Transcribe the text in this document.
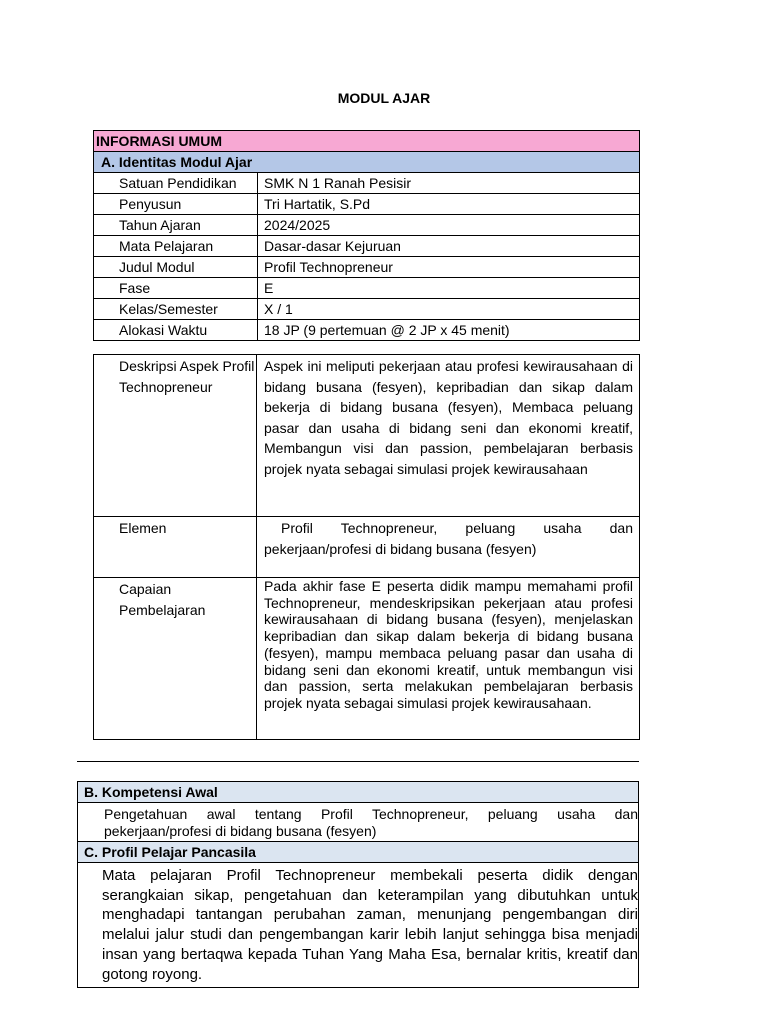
MODUL AJAR
INFORMASI UMUM	
A. Identitas Modul Ajar	
Satuan Pendidikan	SMK N 1 Ranah Pesisir
Penyusun	Tri Hartatik, S.Pd
Tahun Ajaran	2024/2025
Mata Pelajaran	Dasar-dasar Kejuruan
Judul Modul	Profil Technopreneur
Fase	E
Kelas/Semester	X / 1
Alokasi Waktu	18 JP (9 pertemuan @ 2 JP x 45 menit)
Deskripsi Aspek Profil Technopreneur	Aspek ini meliputi pekerjaan atau profesi kewirausahaan di bidang busana (fesyen), kepribadian dan sikap dalam bekerja di bidang busana (fesyen), Membaca peluang pasar dan usaha di bidang seni dan ekonomi kreatif, Membangun visi dan passion, pembelajaran berbasis projek nyata sebagai simulasi projek kewirausahaan
Elemen	Profil Technopreneur, peluang usaha dan pekerjaan/profesi di bidang busana (fesyen)
Capaian Pembelajaran	Pada akhir fase E peserta didik mampu memahami profil Technopreneur, mendeskripsikan pekerjaan atau profesi kewirausahaan di bidang busana (fesyen), menjelaskan kepribadian dan sikap dalam bekerja di bidang busana (fesyen), mampu membaca peluang pasar dan usaha di bidang seni dan ekonomi kreatif, untuk membangun visi dan passion, serta melakukan pembelajaran berbasis projek nyata sebagai simulasi projek kewirausahaan.
B. Kompetensi Awal
Pengetahuan awal tentang Profil Technopreneur, peluang usaha dan pekerjaan/profesi di bidang busana (fesyen)
C. Profil Pelajar Pancasila
Mata pelajaran Profil Technopreneur membekali peserta didik dengan serangkaian sikap, pengetahuan dan keterampilan yang dibutuhkan untuk menghadapi tantangan perubahan zaman, menunjang pengembangan diri melalui jalur studi dan pengembangan karir lebih lanjut sehingga bisa menjadi insan yang bertaqwa kepada Tuhan Yang Maha Esa, bernalar kritis, kreatif dan gotong royong.
